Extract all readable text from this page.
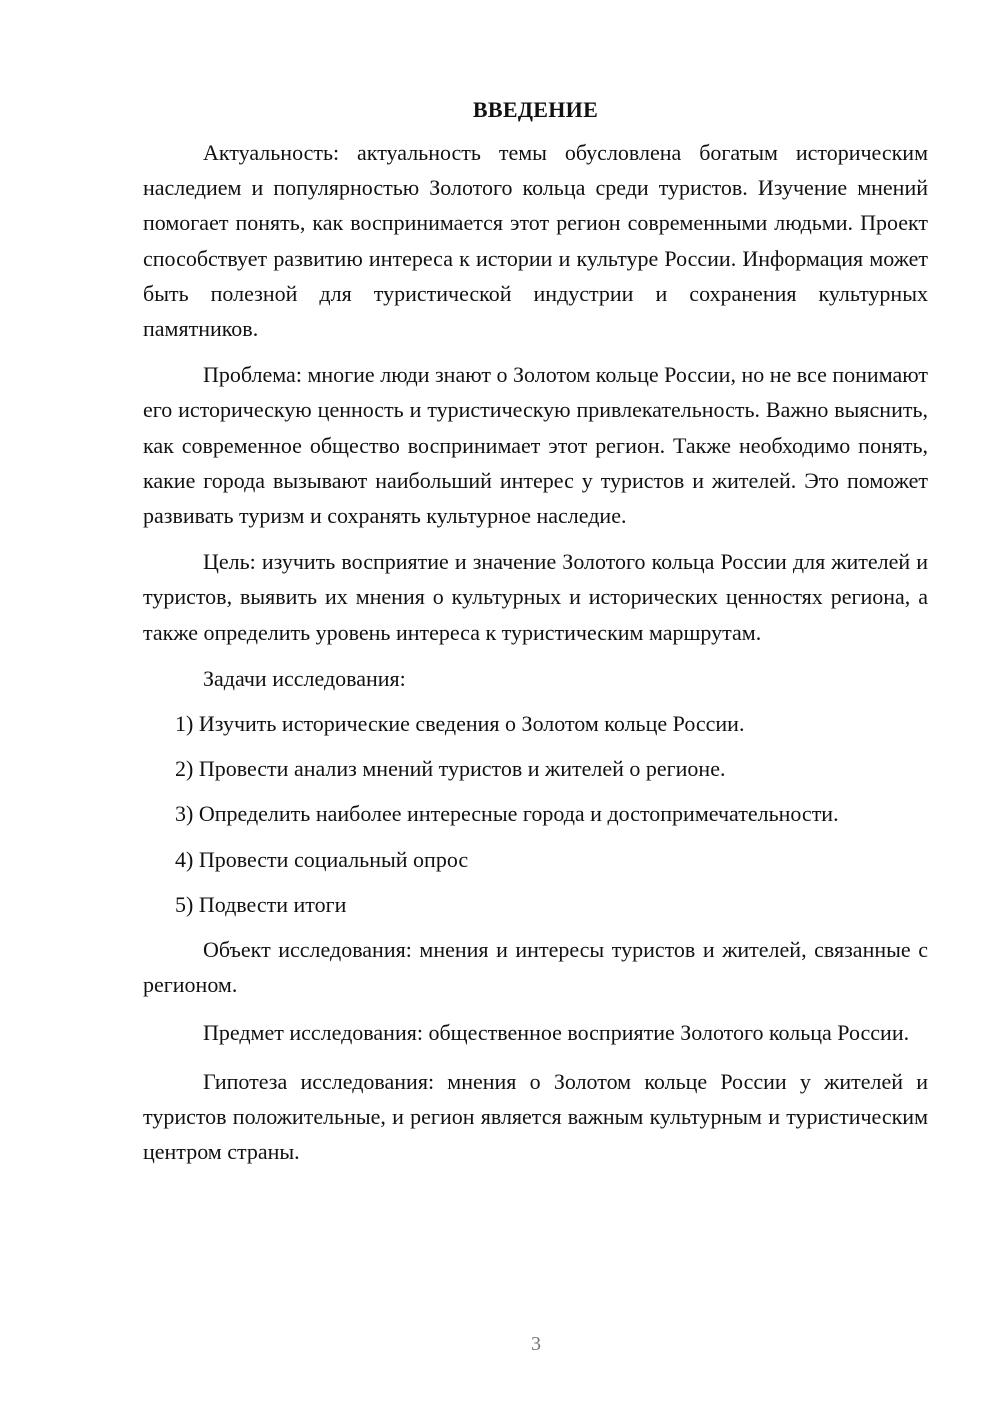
ВВЕДЕНИЕ

Актуальность: актуальность темы обусловлена богатым историческим наследием и популярностью Золотого кольца среди туристов. Изучение мнений помогает понять, как воспринимается этот регион современными людьми. Проект способствует развитию интереса к истории и культуре России. Информация может быть полезной для туристической индустрии и сохранения культурных памятников.

Проблема: многие люди знают о Золотом кольце России, но не все понимают его историческую ценность и туристическую привлекательность. Важно выяснить, как современное общество воспринимает этот регион. Также необходимо понять, какие города вызывают наибольший интерес у туристов и жителей. Это поможет развивать туризм и сохранять культурное наследие.

Цель: изучить восприятие и значение Золотого кольца России для жителей и туристов, выявить их мнения о культурных и исторических ценностях региона, а также определить уровень интереса к туристическим маршрутам.

Задачи исследования:

1) Изучить исторические сведения о Золотом кольце России.
2) Провести анализ мнений туристов и жителей о регионе.
3) Определить наиболее интересные города и достопримечательности.
4) Провести социальный опрос
5) Подвести итоги

Объект исследования: мнения и интересы туристов и жителей, связанные с регионом.

Предмет исследования: общественное восприятие Золотого кольца России.

Гипотеза исследования: мнения о Золотом кольце России у жителей и туристов положительные, и регион является важным культурным и туристическим центром страны.

3
